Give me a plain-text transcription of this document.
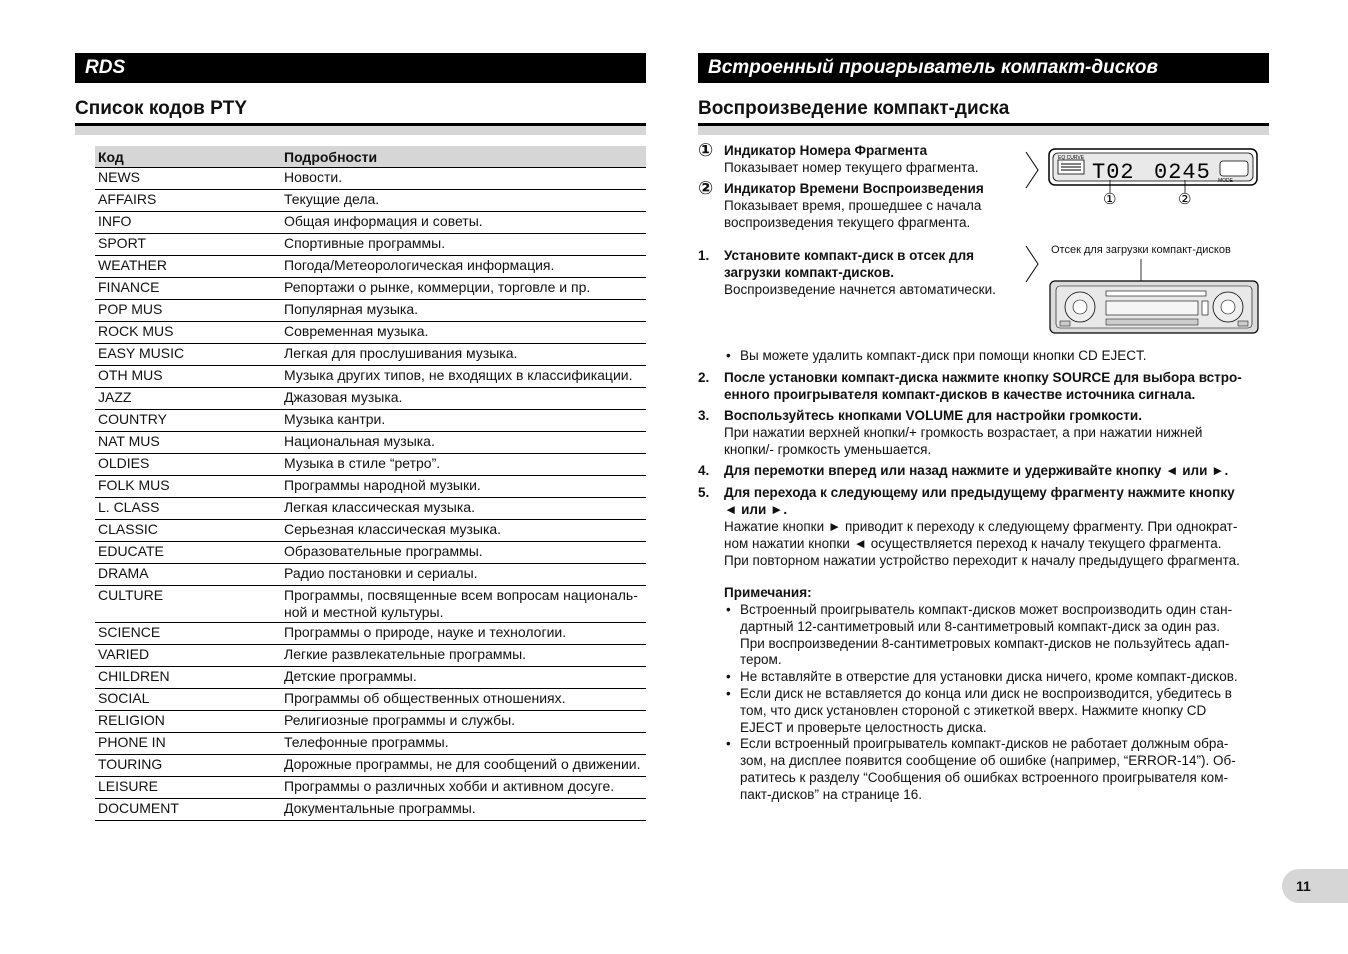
RDS
Список кодов PTY
Код	Подробности
NEWS	Новости.
AFFAIRS	Текущие дела.
INFO	Общая информация и советы.
SPORT	Спортивные программы.
WEATHER	Погода/Метеорологическая информация.
FINANCE	Репортажи о рынке, коммерции, торговле и пр.
POP MUS	Популярная музыка.
ROCK MUS	Современная музыка.
EASY MUSIC	Легкая для прослушивания музыка.
OTH MUS	Музыка других типов, не входящих в классификации.
JAZZ	Джазовая музыка.
COUNTRY	Музыка кантри.
NAT MUS	Национальная музыка.
OLDIES	Музыка в стиле “ретро”.
FOLK MUS	Программы народной музыки.
L. CLASS	Легкая классическая музыка.
CLASSIC	Серьезная классическая музыка.
EDUCATE	Образовательные программы.
DRAMA	Радио постановки и сериалы.
CULTURE	Программы, посвященные всем вопросам националь-ной и местной культуры.
SCIENCE	Программы о природе, науке и технологии.
VARIED	Легкие развлекательные программы.
CHILDREN	Детские программы.
SOCIAL	Программы об общественных отношениях.
RELIGION	Религиозные программы и службы.
PHONE IN	Телефонные программы.
TOURING	Дорожные программы, не для сообщений о движении.
LEISURE	Программы о различных хобби и активном досуге.
DOCUMENT	Документальные программы.
Встроенный проигрыватель компакт-дисков
Воспроизведение компакт-диска
① Индикатор Номера Фрагмента
Показывает номер текущего фрагмента.
② Индикатор Времени Воспроизведения
Показывает время, прошедшее с начала
воспроизведения текущего фрагмента.
EQ CURVE
T02 0245 MODE
①	②
1. Установите компакт-диск в отсек для
загрузки компакт-дисков.
Воспроизведение начнется автоматически.
Отсек для загрузки компакт-дисков
• Вы можете удалить компакт-диск при помощи кнопки CD EJECT.
2. После установки компакт-диска нажмите кнопку SOURCE для выбора встро-
енного проигрывателя компакт-дисков в качестве источника сигнала.
3. Воспользуйтесь кнопками VOLUME для настройки громкости.
При нажатии верхней кнопки/+ громкость возрастает, а при нажатии нижней
кнопки/- громкость уменьшается.
4. Для перемотки вперед или назад нажмите и удерживайте кнопку ◄ или ►.
5. Для перехода к следующему или предыдущему фрагменту нажмите кнопку
◄ или ►.
Нажатие кнопки ► приводит к переходу к следующему фрагменту. При однократ-
ном нажатии кнопки ◄ осуществляется переход к началу текущего фрагмента.
При повторном нажатии устройство переходит к началу предыдущего фрагмента.
Примечания:
• Встроенный проигрыватель компакт-дисков может воспроизводить один стан-
дартный 12-сантиметровый или 8-сантиметровый компакт-диск за один раз.
При воспроизведении 8-сантиметровых компакт-дисков не пользуйтесь адап-
тером.
• Не вставляйте в отверстие для установки диска ничего, кроме компакт-дисков.
• Если диск не вставляется до конца или диск не воспроизводится, убедитесь в
том, что диск установлен стороной с этикеткой вверх. Нажмите кнопку CD
EJECT и проверьте целостность диска.
• Если встроенный проигрыватель компакт-дисков не работает должным обра-
зом, на дисплее появится сообщение об ошибке (например, “ERROR-14”). Об-
ратитесь к разделу “Сообщения об ошибках встроенного проигрывателя ком-
пакт-дисков” на странице 16.
11
